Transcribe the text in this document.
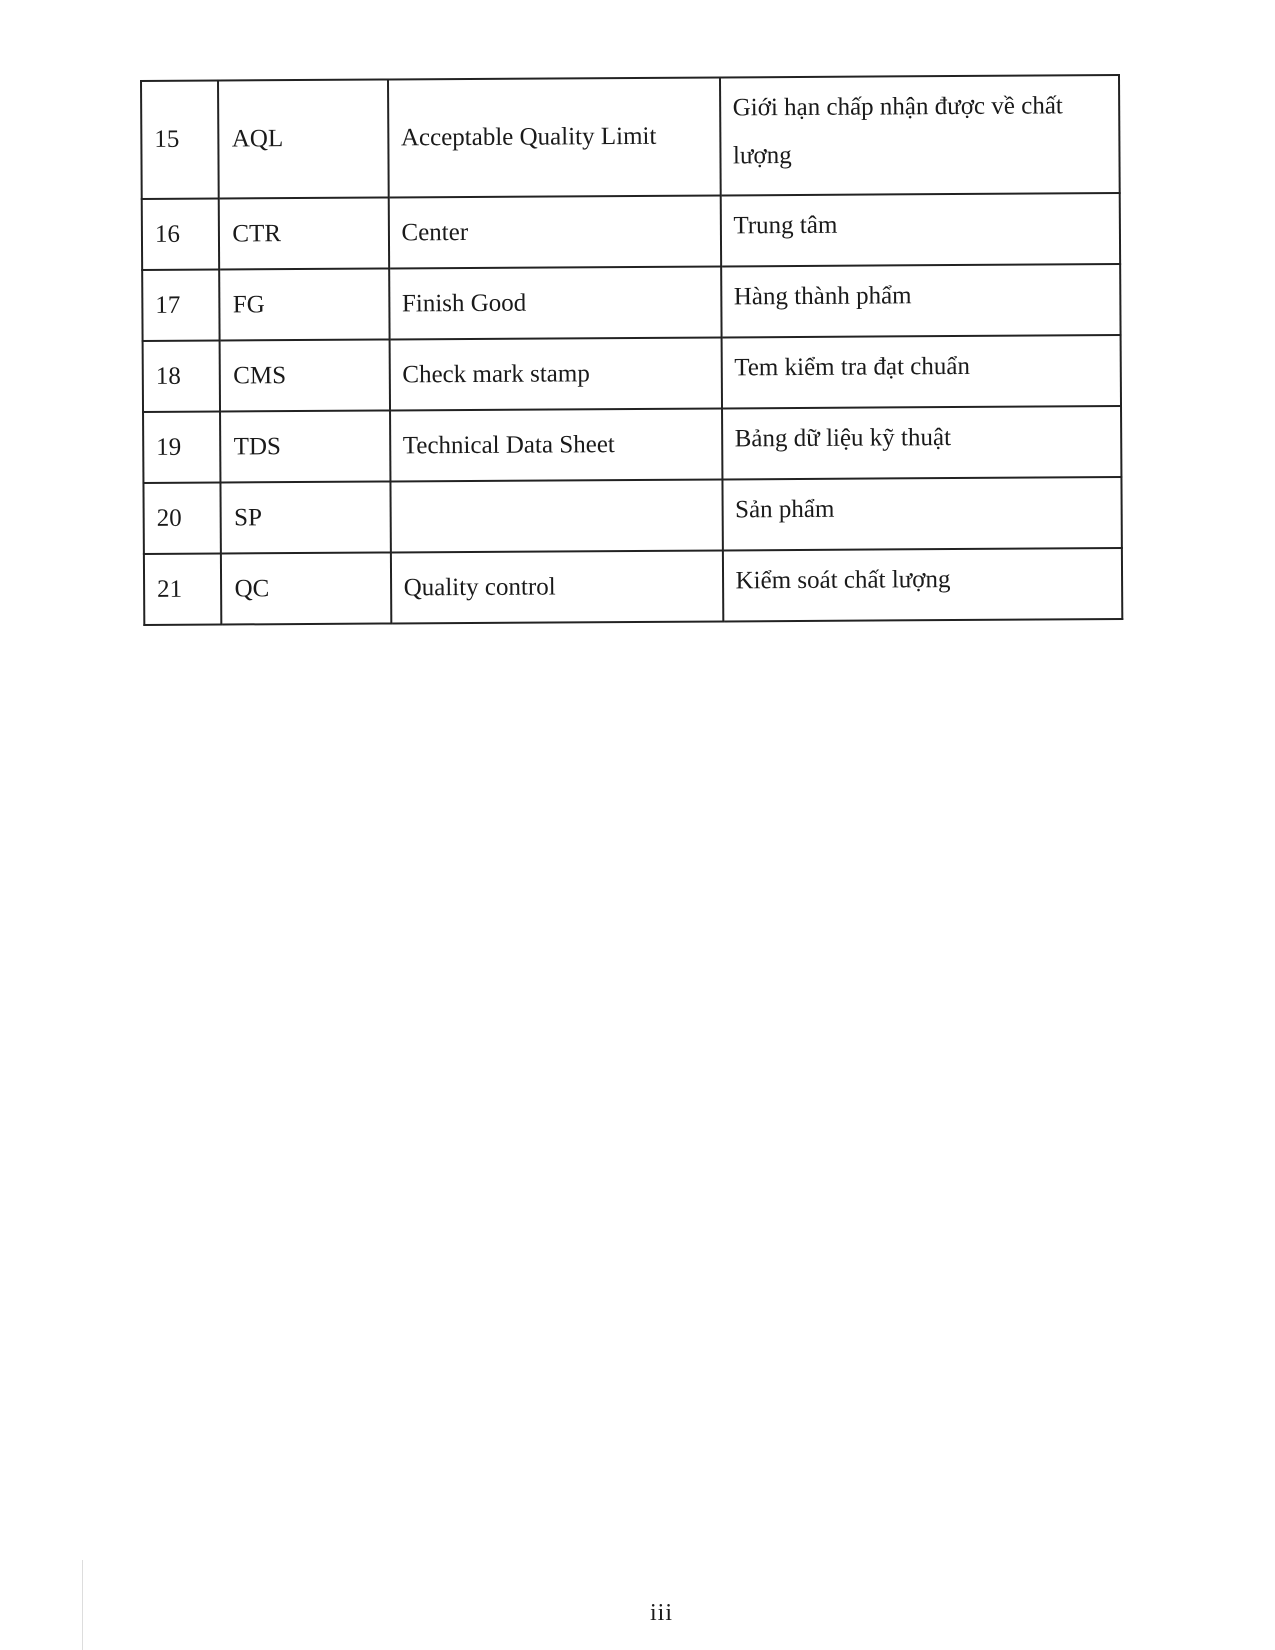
15	AQL	Acceptable Quality Limit	Giới hạn chấp nhận được về chất lượng
16	CTR	Center	Trung tâm
17	FG	Finish Good	Hàng thành phẩm
18	CMS	Check mark stamp	Tem kiểm tra đạt chuẩn
19	TDS	Technical Data Sheet	Bảng dữ liệu kỹ thuật
20	SP		Sản phẩm
21	QC	Quality control	Kiểm soát chất lượng
iii
